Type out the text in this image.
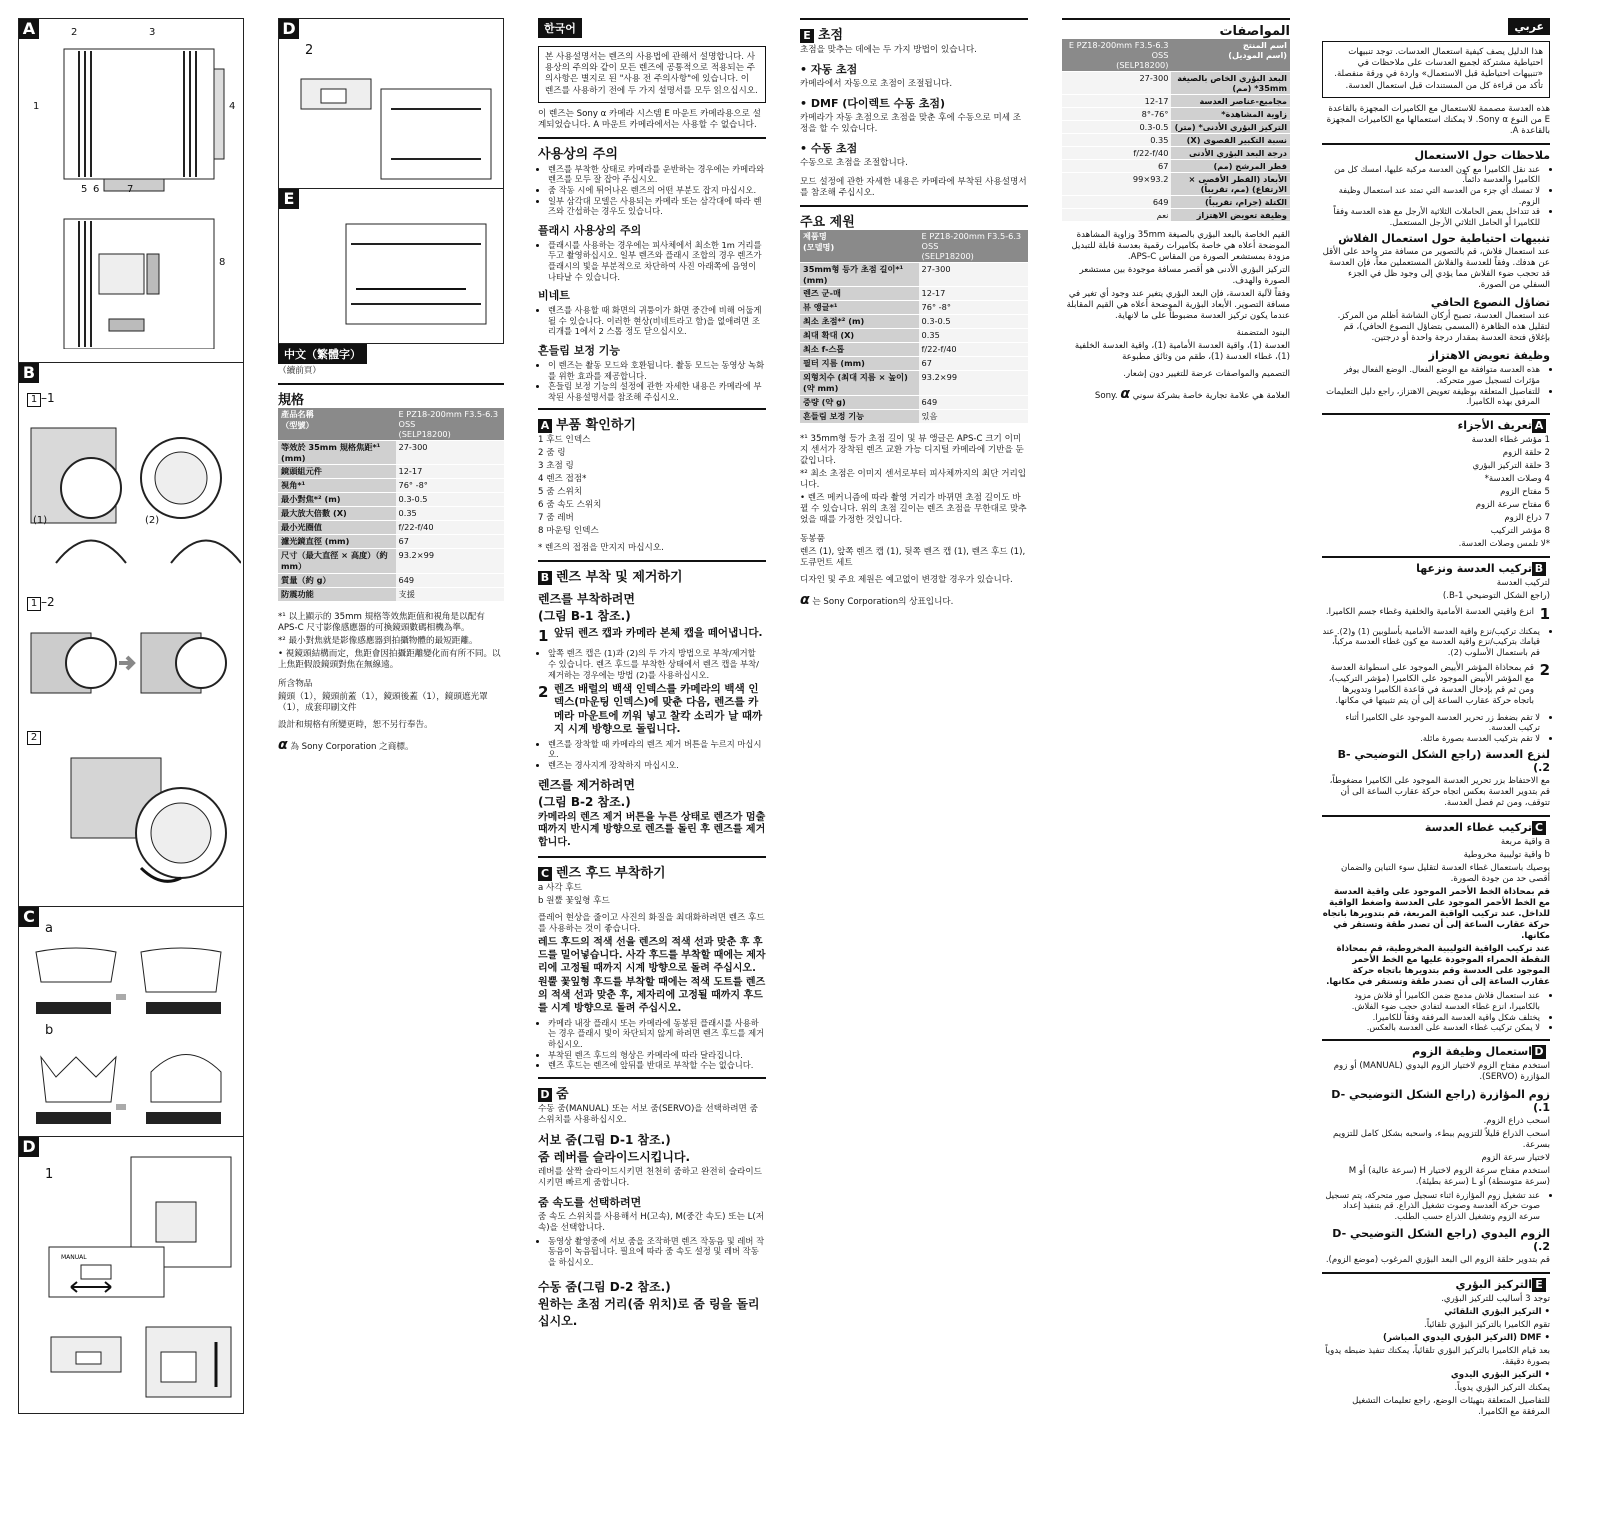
A
1
2	3
4
5 6	7
8
B
1 –1
(1)	(2)
1 –2
2
C
a
b
D
1
MANUAL
D
2
E
中文（繁體字）
（續前頁）
規格
產品名稱
（型號）	E PZ18-200mm F3.5-6.3 OSS
(SELP18200)
等效於 35mm 規格焦距*¹ (mm)	27-300
鏡頭組元件	12-17
視角*¹	76° -8°
最小對焦*² (m)	0.3-0.5
最大放大倍數 (X)	0.35
最小光圈值	f/22-f/40
濾光鏡直徑 (mm)	67
尺寸（最大直徑 × 高度）（約 mm）	93.2×99
質量（約 g）	649
防震功能	支援
*¹ 以上顯示的 35mm 規格等效焦距值和視角是以配有 APS-C 尺寸影像感應器的可換鏡頭數碼相機為準。
*² 最小對焦就是影像感應器到拍攝物體的最短距離。
• 視鏡頭結構而定，焦距會因拍攝距離變化而有所不同。以上焦距假設鏡頭對焦在無線遠。
所含物品
鏡頭（1），鏡頭前蓋（1），鏡頭後蓋（1），鏡頭遮光罩（1），成套印刷文件
設計和規格有所變更時，恕不另行奉告。
α 為 Sony Corporation 之商標。
한국어
본 사용설명서는 렌즈의 사용법에 관해서 설명합니다. 사용상의 주의와 같이 모든 렌즈에 공통적으로 적용되는 주의사항은 별지로 된 "사용 전 주의사항"에 있습니다. 이 렌즈를 사용하기 전에 두 가지 설명서를 모두 읽으십시오.
이 렌즈는 Sony α 카메라 시스템 E 마운트 카메라용으로 설계되었습니다. A 마운트 카메라에서는 사용할 수 없습니다.
사용상의 주의
• 렌즈를 부착한 상태로 카메라를 운반하는 경우에는 카메라와 렌즈를 모두 잘 잡아 주십시오.
• 줌 작동 시에 튀어나온 렌즈의 어떤 부분도 잡지 마십시오.
• 일부 삼각대 모델은 사용되는 카메라 또는 삼각대에 따라 렌즈와 간섭하는 경우도 있습니다.
플래시 사용상의 주의
• 플래시를 사용하는 경우에는 피사체에서 최소한 1m 거리를 두고 촬영하십시오. 일부 렌즈와 플래시 조합의 경우 렌즈가 플래시의 빛을 부분적으로 차단하여 사진 아래쪽에 음영이 나타날 수 있습니다.
비네트
• 렌즈를 사용할 때 화면의 귀퉁이가 화면 중간에 비해 어둡게 될 수 있습니다. 이러한 현상(비네트라고 함)을 없애려면 조리개를 1에서 2 스톱 정도 닫으십시오.
흔들림 보정 기능
• 이 렌즈는 촬동 모드와 호환됩니다. 촬동 모드는 동영상 녹화를 위한 효과를 제공합니다.
• 흔들림 보정 기능의 설정에 관한 자세한 내용은 카메라에 부착된 사용설명서를 참조해 주십시오.
A 부품 확인하기
1 후드 인덱스
2 줌 링
3 초점 링
4 렌즈 접점*
5 줌 스위치
6 줌 속도 스위치
7 줌 레버
8 마운팅 인덱스
* 렌즈의 접점을 만지지 마십시오.
B 렌즈 부착 및 제거하기
렌즈를 부착하려면
(그림 B-1 참조.)
1 앞뒤 렌즈 캡과 카메라 본체 캡을 떼어냅니다.
• 앞쪽 렌즈 캡은 (1)과 (2)의 두 가지 방법으로 부착/제거할 수 있습니다. 렌즈 후드를 부착한 상태에서 렌즈 캡을 부착/제거하는 경우에는 방법 (2)를 사용하십시오.
2 렌즈 배럴의 백색 인덱스를 카메라의 백색 인덱스(마운팅 인덱스)에 맞춘 다음, 렌즈를 카메라 마운트에 끼워 넣고 찰칵 소리가 날 때까지 시계 방향으로 돌립니다.
• 렌즈를 장착할 때 카메라의 렌즈 제거 버튼을 누르지 마십시오.
• 렌즈는 경사지게 장착하지 마십시오.
렌즈를 제거하려면
(그림 B-2 참조.)
카메라의 렌즈 제거 버튼을 누른 상태로 렌즈가 멈출 때까지 반시계 방향으로 렌즈를 돌린 후 렌즈를 제거합니다.
C 렌즈 후드 부착하기
a 사각 후드
b 원뿔 꽃잎형 후드
플레어 현상을 줄이고 사진의 화질을 최대화하려면 렌즈 후드를 사용하는 것이 좋습니다.
레드 후드의 적색 선을 렌즈의 적색 선과 맞춘 후 후드를 밀어넣습니다. 사각 후드를 부착할 때에는 제자리에 고정될 때까지 시계 방향으로 돌려 주십시오.
원뿔 꽃잎형 후드를 부착할 때에는 적색 도트를 렌즈의 적색 선과 맞춘 후, 제자리에 고정될 때까지 후드를 시계 방향으로 돌려 주십시오.
• 카메라 내장 플래시 또는 카메라에 동봉된 플래시를 사용하는 경우 플래시 빛이 차단되지 않게 하려면 렌즈 후드를 제거하십시오.
• 부착된 렌즈 후드의 형상은 카메라에 따라 달라집니다.
• 렌즈 후드는 렌즈에 앞뒤를 반대로 부착할 수는 없습니다.
D 줌
수동 줌(MANUAL) 또는 서보 줌(SERVO)을 선택하려면 줌 스위치를 사용하십시오.
서보 줌(그림 D-1 참조.)
줌 레버를 슬라이드시킵니다.
레버를 살짝 슬라이드시키면 천천히 줌하고 완전히 슬라이드시키면 빠르게 줌합니다.
줌 속도를 선택하려면
줌 속도 스위치를 사용해서 H(고속), M(중간 속도) 또는 L(저속)을 선택합니다.
• 동영상 촬영중에 서보 줌을 조작하면 렌즈 작동음 및 레버 작동음이 녹음됩니다. 필요에 따라 줌 속도 설정 및 레버 작동을 하십시오.
수동 줌(그림 D-2 참조.)
원하는 초점 거리(줌 위치)로 줌 링을 돌리십시오.
E 초점
초점을 맞추는 데에는 두 가지 방법이 있습니다.
• 자동 초점
카메라에서 자동으로 초점이 조절됩니다.
• DMF (다이렉트 수동 초점)
카메라가 자동 초점으로 초점을 맞춘 후에 수동으로 미세 조정을 할 수 있습니다.
• 수동 초점
수동으로 초점을 조절합니다.
모드 설정에 관한 자세한 내용은 카메라에 부착된 사용설명서를 참조해 주십시오.
주요 제원
제품명
(모델명)	E PZ18-200mm F3.5-6.3 OSS
(SELP18200)
35mm형 등가 초점 길이*¹ (mm)	27-300
렌즈 군-매	12-17
뷰 앵글*¹	76° -8°
최소 초점*² (m)	0.3-0.5
최대 확대 (X)	0.35
최소 f-스톱	f/22-f/40
필터 지름 (mm)	67
외형치수 (최대 지름 × 높이) (약 mm)	93.2×99
중량 (약 g)	649
흔들림 보정 기능	있음
*¹ 35mm형 등가 초점 길이 및 뷰 앵글은 APS-C 크기 이미지 센서가 장착된 렌즈 교환 가능 디지털 카메라에 기반을 둔 값입니다.
*² 최소 초점은 이미지 센서로부터 피사체까지의 최단 거리입니다.
• 렌즈 메커니즘에 따라 촬영 거리가 바뀌면 초점 길이도 바뀔 수 있습니다. 위의 초점 길이는 렌즈 초점을 무한대로 맞추었을 때를 가정한 것입니다.
동봉품
렌즈 (1), 앞쪽 렌즈 캡 (1), 뒷쪽 렌즈 캡 (1), 렌즈 후드 (1), 도큐먼트 세트
디자인 및 주요 제원은 예고없이 변경할 경우가 있습니다.
α 는 Sony Corporation의 상표입니다.
المواصفات
اسم المنتج
(اسم الموديل)	E PZ18-200mm F3.5-6.3 OSS
(SELP18200)
البعد البؤري الخاص بالصيغة 35mm* (مم)	27-300
مجاميع-عناصر العدسة	12-17
زاوية المشاهدة*	76°-8°
التركيز البؤري الأدنى* (متر)	0.3-0.5
نسبة التكبير القصوى (X)	0.35
درجة البعد البؤري الأدنى	f/22-f/40
قطر المرشح (مم)	67
الأبعاد (القطر الأقصى × الارتفاع) (مم، تقريباً)	93.2×99
الكتلة (جرام، تقريباً)	649
وظيفة تعويض الاهتزاز	نعم
القيم الخاصة بالبعد البؤري بالصيغة 35mm وزاوية المشاهدة الموضحة أعلاه هي خاصة بكاميرات رقمية بعدسة قابلة للتبديل مزودة بمستشعر الصورة من المقاس APS-C.
التركيز البؤري الأدنى هو أقصر مسافة موجودة بين مستشعر الصورة والهدف.
وفقاً لآلية العدسة، فإن البعد البؤري يتغير عند وجود أي تغير في مسافة التصوير. الأبعاد البؤرية الموضحة أعلاه هي القيم المقابلة عندما يكون تركيز العدسة مضبوطاً على ما لانهاية.
البنود المتضمنة
العدسة (1)، واقية العدسة الأمامية (1)، واقية العدسة الخلفية (1)، غطاء العدسة (1)، طقم من وثائق مطبوعة
التصميم والمواصفات عرضة للتغيير دون إشعار.
العلامة هي علامة تجارية خاصة بشركة سوني Sony. α
عربي
هذا الدليل يصف كيفية استعمال العدسات. توجد تنبيهات احتياطية مشتركة لجميع العدسات على ملاحظات في «تنبيهات احتياطية قبل الاستعمال» واردة في ورقة منفصلة. تأكد من قراءة كل من المستندات قبل استعمال العدسة.
هذه العدسة مصممة للاستعمال مع الكاميرات المجهزة بالقاعدة E من النوع Sony α. لا يمكنك استعمالها مع الكاميرات المجهزة بالقاعدة A.
ملاحظات حول الاستعمال
• عند نقل الكاميرا مع كون العدسة مركبة عليها، امسك كل من الكاميرا والعدسة دائماً.
• لا تمسك أي جزء من العدسة التي تمتد عند استعمال وظيفة الزوم.
• قد تتداخل بعض الحاملات الثلاثية الأرجل مع هذه العدسة وفقاً للكاميرا أو الحامل الثلاثي الأرجل المستعمل.
تنبيهات احتياطية حول استعمال الفلاش
عند استعمال فلاش، قم بالتصوير من مسافة متر واحد على الأقل عن هدفك. وفقاً للعدسة والفلاش المستعملين معاً، فإن العدسة قد تحجب ضوء الفلاش مما يؤدي إلى وجود ظل في الجزء السفلي من الصورة.
تضاؤل النصوع الحافي
عند استعمال العدسة، تصبح أركان الشاشة أظلم من المركز. لتقليل هذه الظاهرة (المسمى بتضاؤل النصوع الحافي)، قم بإغلاق فتحة العدسة بمقدار درجة واحدة أو درجتين.
وظيفة تعويض الاهتزاز
• هذه العدسة متوافقة مع الوضع الفعال. الوضع الفعال يوفر مؤثرات لتسجيل صور متحركة.
• للتفاصيل المتعلقة بوظيفة تعويض الاهتزاز، راجع دليل التعليمات المرفق بهذه الكاميرا.
Aتعريف الأجزاء
1 مؤشر غطاء العدسة
2 حلقة الزوم
3 حلقة التركيز البؤري
4 وصلات العدسة*
5 مفتاح الزوم
6 مفتاح سرعة الزوم
7 ذراع الزوم
8 مؤشر التركيب
*لا تلمس وصلات العدسة.
Bتركيب العدسة ونزعها
لتركيب العدسة
(راجع الشكل التوضيحي B-1.)
1
انزع واقيتي العدسة الأمامية والخلفية وغطاء جسم الكاميرا.
• يمكنك تركيب/نزع واقية العدسة الأمامية بأسلوبين (1) و(2). عند قيامك بتركيب/نزع واقية العدسة مع كون غطاء العدسة مركباً، قم باستعمال الأسلوب (2).
2
قم بمحاذاة المؤشر الأبيض الموجود على اسطوانة العدسة مع المؤشر الأبيض الموجود على الكاميرا (مؤشر التركيب)، ومن ثم قم بإدخال العدسة في قاعدة الكاميرا وتدويرها باتجاه حركة عقارب الساعة إلى أن يتم تثبيتها في مكانها.
• لا تقم بضغط زر تحرير العدسة الموجود على الكاميرا أثناء تركيب العدسة.
• لا تقم بتركيب العدسة بصورة مائلة.
لنزع العدسة (راجع الشكل التوضيحي B-2.)
مع الاحتفاظ بزر تحرير العدسة الموجود على الكاميرا مضغوطاً، قم بتدوير العدسة بعكس اتجاه حركة عقارب الساعة الى أن تتوقف، ومن ثم فصل العدسة.
Cتركيب غطاء العدسة
a واقية مربعة
b واقية توليبية مخروطية
يوصيك باستعمال غطاء العدسة لتقليل سوء التباين والضمان أقصى حد من جودة الصورة.
قم بمحاذاة الخط الأحمر الموجود على واقية العدسة مع الخط الأحمر الموجود على العدسة واضغط الواقية للداخل. عند تركيب الواقية المربعة، قم بتدويرها باتجاه حركة عقارب الساعة إلى أن تصدر طقة وتستقر في مكانها.
عند تركيب الواقية التوليبية المخروطية، قم بمحاذاة النقطة الحمراء الموجودة عليها مع الخط الأحمر الموجود على العدسة وقم بتدويرها باتجاه حركة عقارب الساعة إلى أن تصدر طقة وتستقر في مكانها.
• عند استعمال فلاش مدمج ضمن الكاميرا أو فلاش مزود بالكاميرا، انزع غطاء العدسة لتفادي حجب ضوء الفلاش.
• يختلف شكل واقية العدسة المرفقة وفقاً للكاميرا.
• لا يمكن تركيب غطاء العدسة على العدسة بالعكس.
Dاستعمال وظيفة الزوم
استخدم مفتاح الزوم لاختيار الزوم اليدوي (MANUAL) أو زوم المؤازرة (SERVO).
زوم المؤازرة (راجع الشكل التوضيحي D-1.)
اسحب ذراع الزوم.
اسحب الذراع قليلاً للتزويم ببطء، واسحبه بشكل كامل للتزويم بسرعة.
لاختيار سرعة الزوم
استخدم مفتاح سرعة الزوم لاختيار H (سرعة عالية) أو M (سرعة متوسطة) أو L (سرعة بطيئة).
• عند تشغيل زوم المؤازرة اثناء تسجيل صور متحركة، يتم تسجيل صوت حركة العدسة وصوت تشغيل الذراع. قم بتنفيذ إعداد سرعة الزوم وتشغيل الذراع حسب الطلب.
الزوم اليدوي (راجع الشكل التوضيحي D-2.)
قم بتدوير حلقة الزوم الى البعد البؤري المرغوب (موضع الزوم).
Eالتركيز البؤري
توجد 3 أساليب للتركيز البؤري.
• التركيز البؤري التلقائي
تقوم الكاميرا بالتركيز البؤري تلقائياً.
• DMF (التركيز البؤري اليدوي المباشر)
بعد قيام الكاميرا بالتركيز البؤري تلقائياً، يمكنك تنفيذ ضبطه يدوياً بصورة دقيقة.
• التركيز البؤري اليدوي
يمكنك التركيز البؤري يدوياً.
للتفاصيل المتعلقة بتهيئات الوضع، راجع تعليمات التشغيل المرفقة مع الكاميرا.
